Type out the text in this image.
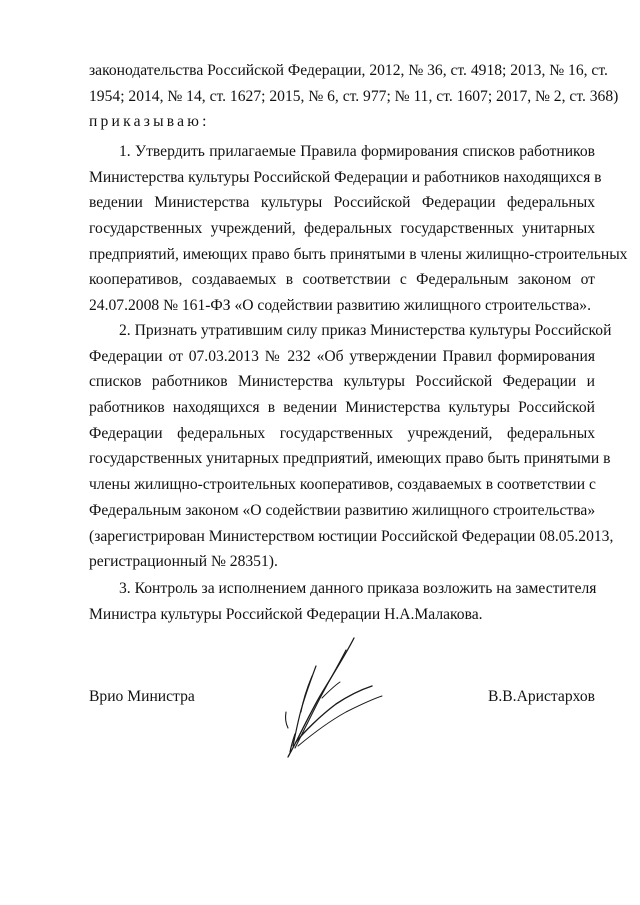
законодательства Российской Федерации, 2012, № 36, ст. 4918; 2013, № 16, ст.
1954; 2014, № 14, ст. 1627; 2015, № 6, ст. 977; № 11, ст. 1607; 2017, № 2, ст. 368)
приказываю:
1. Утвердить прилагаемые Правила формирования списков работников
Министерства культуры Российской Федерации и работников находящихся в
ведении Министерства культуры Российской Федерации федеральных
государственных учреждений, федеральных государственных унитарных
предприятий, имеющих право быть принятыми в члены жилищно-строительных
кооперативов, создаваемых в соответствии с Федеральным законом от
24.07.2008 № 161-ФЗ «О содействии развитию жилищного строительства».
2. Признать утратившим силу приказ Министерства культуры Российской
Федерации от 07.03.2013 № 232 «Об утверждении Правил формирования
списков работников Министерства культуры Российской Федерации и
работников находящихся в ведении Министерства культуры Российской
Федерации федеральных государственных учреждений, федеральных
государственных унитарных предприятий, имеющих право быть принятыми в
члены жилищно-строительных кооперативов, создаваемых в соответствии с
Федеральным законом «О содействии развитию жилищного строительства»
(зарегистрирован Министерством юстиции Российской Федерации 08.05.2013,
регистрационный № 28351).
3. Контроль за исполнением данного приказа возложить на заместителя
Министра культуры Российской Федерации Н.А.Малакова.
Врио Министра	В.В.Аристархов
